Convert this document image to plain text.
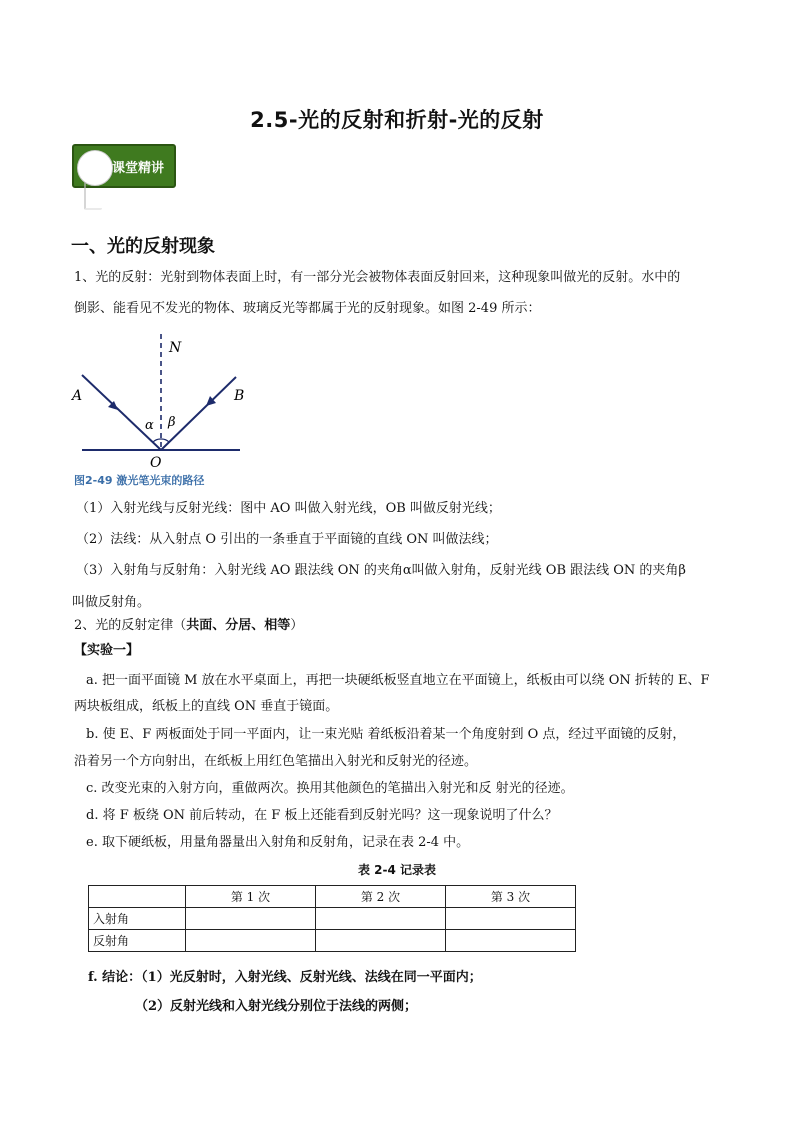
2.5-光的反射和折射-光的反射
课堂精讲
一、光的反射现象
1、光的反射：光射到物体表面上时，有一部分光会被物体表面反射回来，这种现象叫做光的反射。水中的
倒影、能看见不发光的物体、玻璃反光等都属于光的反射现象。如图 2-49 所示：
N
A	B
O
α β
图2-49 激光笔光束的路径
（1）入射光线与反射光线：图中 AO 叫做入射光线，OB 叫做反射光线；
（2）法线：从入射点 O 引出的一条垂直于平面镜的直线 ON 叫做法线；
（3）入射角与反射角：入射光线 AO 跟法线 ON 的夹角α叫做入射角，反射光线 OB 跟法线 ON 的夹角β
叫做反射角。
2、光的反射定律（共面、分居、相等）
【实验一】
a. 把一面平面镜 M 放在水平桌面上，再把一块硬纸板竖直地立在平面镜上，纸板由可以绕 ON 折转的 E、F
两块板组成，纸板上的直线 ON 垂直于镜面。
b. 使 E、F 两板面处于同一平面内，让一束光贴 着纸板沿着某一个角度射到 O 点，经过平面镜的反射，
沿着另一个方向射出，在纸板上用红色笔描出入射光和反射光的径迹。
c. 改变光束的入射方向，重做两次。换用其他颜色的笔描出入射光和反 射光的径迹。
d. 将 F 板绕 ON 前后转动，在 F 板上还能看到反射光吗？这一现象说明了什么？
e. 取下硬纸板，用量角器量出入射角和反射角，记录在表 2-4 中。
表 2-4 记录表
	第 1 次	第 2 次	第 3 次
入射角			
反射角			
f. 结论：（1）光反射时，入射光线、反射光线、法线在同一平面内；
（2）反射光线和入射光线分别位于法线的两侧；
